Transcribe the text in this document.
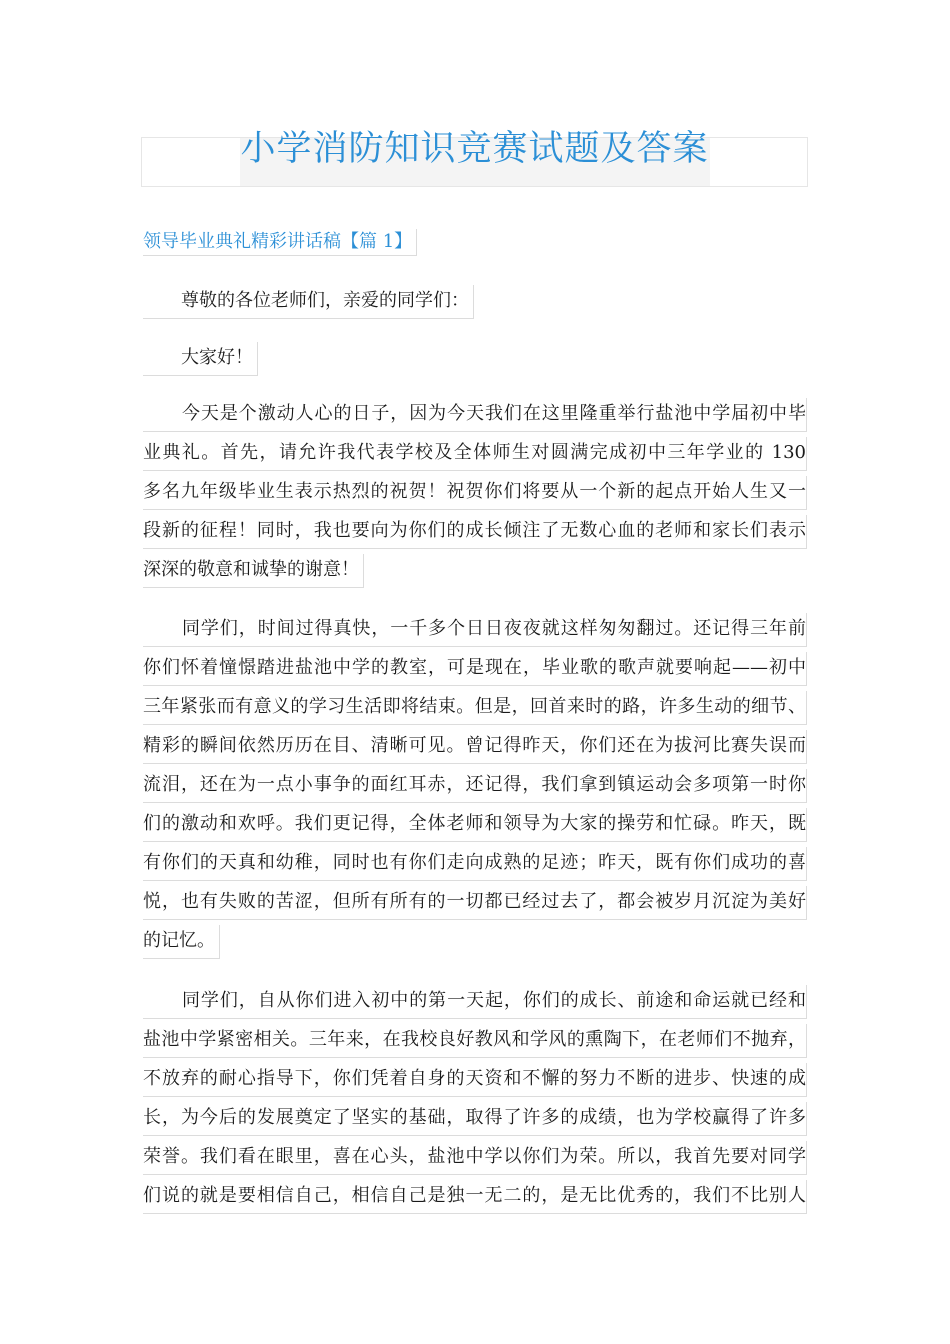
小学消防知识竞赛试题及答案
领导毕业典礼精彩讲话稿【篇 1】
尊敬的各位老师们，亲爱的同学们：
大家好！
今天是个激动人心的日子，因为今天我们在这里隆重举行盐池中学届初中毕
业典礼。首先，请允许我代表学校及全体师生对圆满完成初中三年学业的 130
多名九年级毕业生表示热烈的祝贺！祝贺你们将要从一个新的起点开始人生又一
段新的征程！同时，我也要向为你们的成长倾注了无数心血的老师和家长们表示
深深的敬意和诚挚的谢意！
同学们，时间过得真快，一千多个日日夜夜就这样匆匆翻过。还记得三年前
你们怀着憧憬踏进盐池中学的教室，可是现在，毕业歌的歌声就要响起——初中
三年紧张而有意义的学习生活即将结束。但是，回首来时的路，许多生动的细节、
精彩的瞬间依然历历在目、清晰可见。曾记得昨天，你们还在为拔河比赛失误而
流泪，还在为一点小事争的面红耳赤，还记得，我们拿到镇运动会多项第一时你
们的激动和欢呼。我们更记得，全体老师和领导为大家的操劳和忙碌。昨天，既
有你们的天真和幼稚，同时也有你们走向成熟的足迹；昨天，既有你们成功的喜
悦，也有失败的苦涩，但所有所有的一切都已经过去了，都会被岁月沉淀为美好
的记忆。
同学们，自从你们进入初中的第一天起，你们的成长、前途和命运就已经和
盐池中学紧密相关。三年来，在我校良好教风和学风的熏陶下，在老师们不抛弃，
不放弃的耐心指导下，你们凭着自身的天资和不懈的努力不断的进步、快速的成
长，为今后的发展奠定了坚实的基础，取得了许多的成绩，也为学校赢得了许多
荣誉。我们看在眼里，喜在心头，盐池中学以你们为荣。所以，我首先要对同学
们说的就是要相信自己，相信自己是独一无二的，是无比优秀的，我们不比别人
